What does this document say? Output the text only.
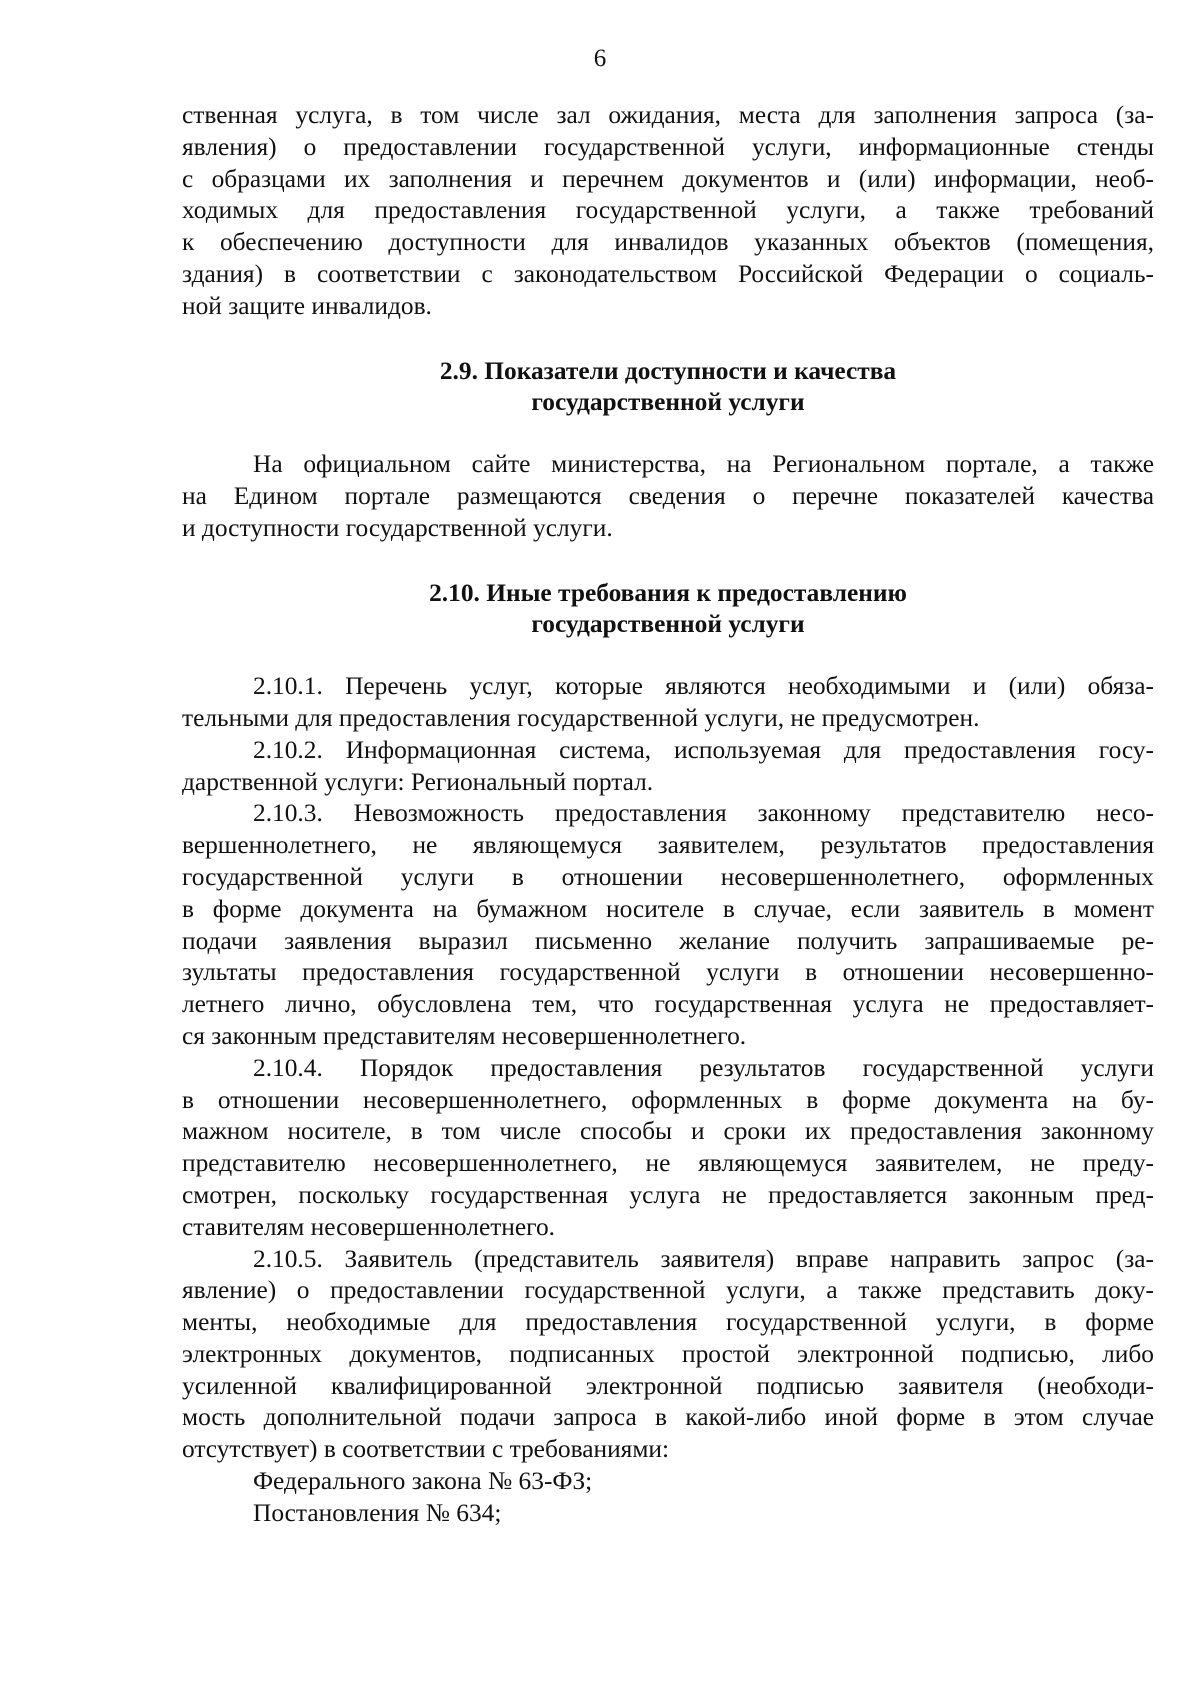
6
ственная услуга, в том числе зал ожидания, места для заполнения запроса (за-
явления) о предоставлении государственной услуги, информационные стенды
с образцами их заполнения и перечнем документов и (или) информации, необ-
ходимых для предоставления государственной услуги, а также требований
к обеспечению доступности для инвалидов указанных объектов (помещения,
здания) в соответствии с законодательством Российской Федерации о социаль-
ной защите инвалидов.
2.9. Показатели доступности и качества
государственной услуги
На официальном сайте министерства, на Региональном портале, а также
на Едином портале размещаются сведения о перечне показателей качества
и доступности государственной услуги.
2.10. Иные требования к предоставлению
государственной услуги
2.10.1. Перечень услуг, которые являются необходимыми и (или) обяза-
тельными для предоставления государственной услуги, не предусмотрен.
2.10.2. Информационная система, используемая для предоставления госу-
дарственной услуги: Региональный портал.
2.10.3. Невозможность предоставления законному представителю несо-
вершеннолетнего, не являющемуся заявителем, результатов предоставления
государственной услуги в отношении несовершеннолетнего, оформленных
в форме документа на бумажном носителе в случае, если заявитель в момент
подачи заявления выразил письменно желание получить запрашиваемые ре-
зультаты предоставления государственной услуги в отношении несовершенно-
летнего лично, обусловлена тем, что государственная услуга не предоставляет-
ся законным представителям несовершеннолетнего.
2.10.4. Порядок предоставления результатов государственной услуги
в отношении несовершеннолетнего, оформленных в форме документа на бу-
мажном носителе, в том числе способы и сроки их предоставления законному
представителю несовершеннолетнего, не являющемуся заявителем, не преду-
смотрен, поскольку государственная услуга не предоставляется законным пред-
ставителям несовершеннолетнего.
2.10.5. Заявитель (представитель заявителя) вправе направить запрос (за-
явление) о предоставлении государственной услуги, а также представить доку-
менты, необходимые для предоставления государственной услуги, в форме
электронных документов, подписанных простой электронной подписью, либо
усиленной квалифицированной электронной подписью заявителя (необходи-
мость дополнительной подачи запроса в какой-либо иной форме в этом случае
отсутствует) в соответствии с требованиями:
Федерального закона № 63-ФЗ;
Постановления № 634;
